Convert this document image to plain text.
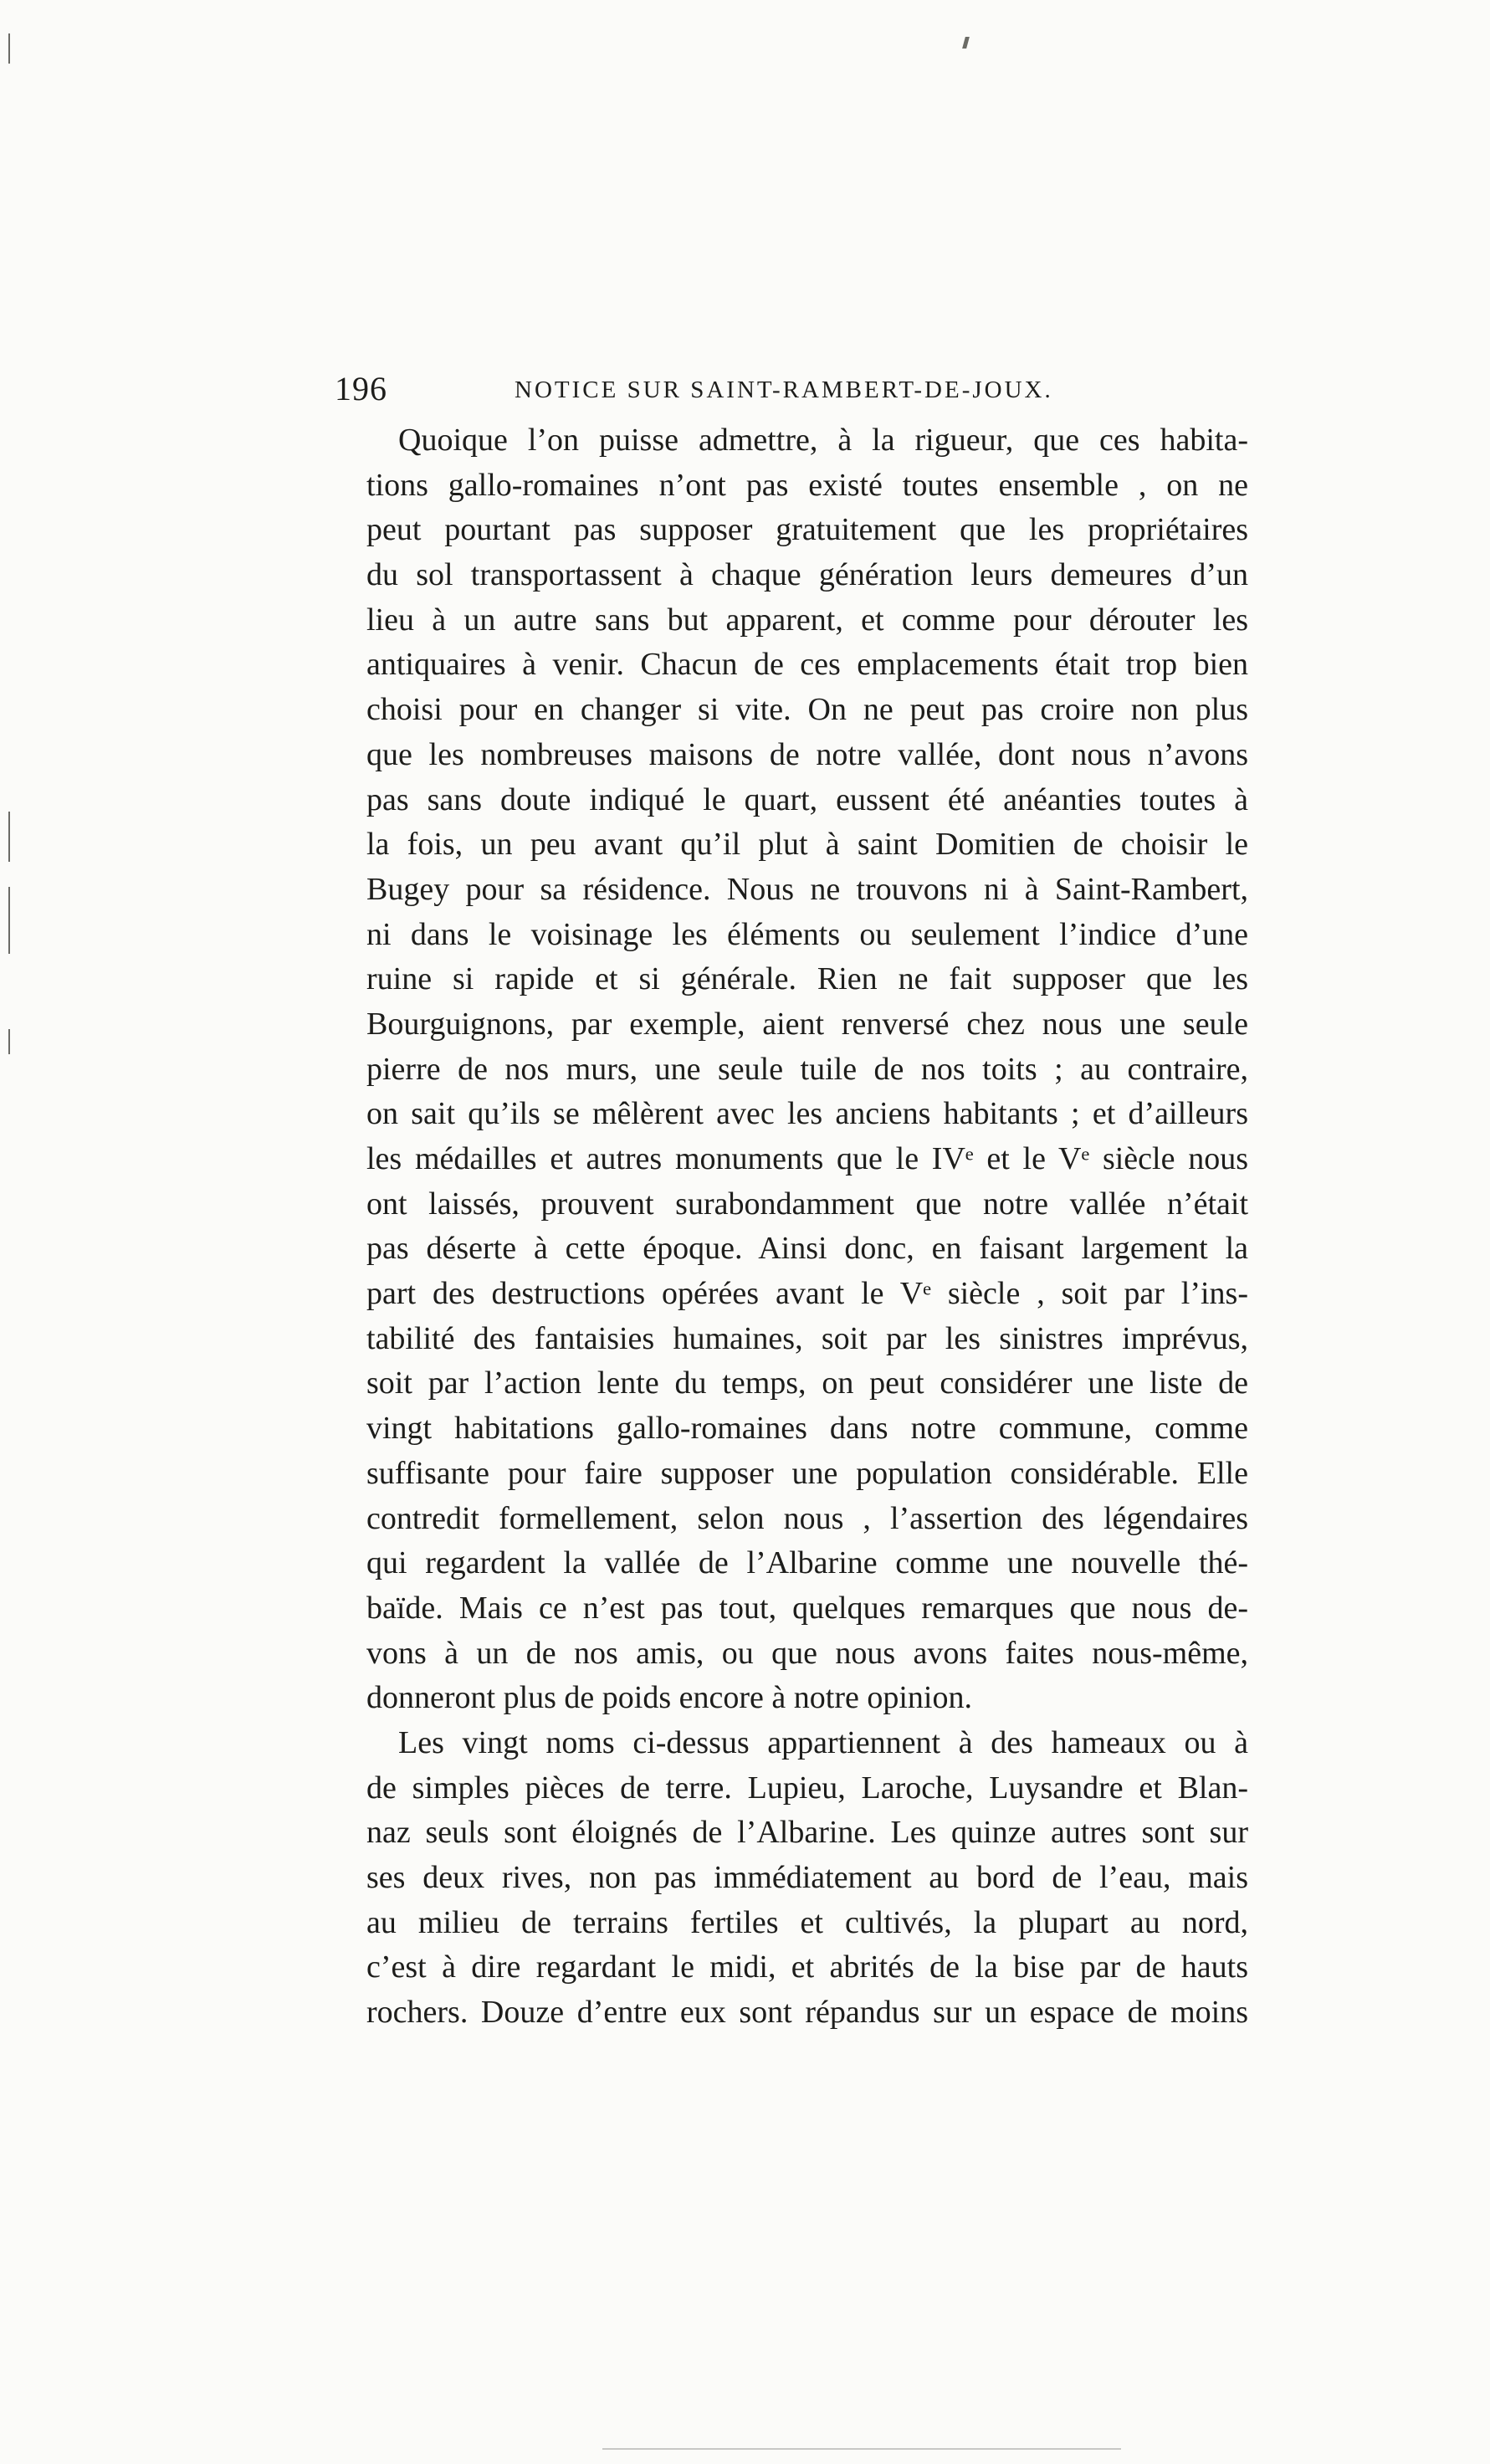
196	NOTICE SUR SAINT-RAMBERT-DE-JOUX.
Quoique l’on puisse admettre, à la rigueur, que ces habita-
tions gallo-romaines n’ont pas existé toutes ensemble , on ne
peut pourtant pas supposer gratuitement que les propriétaires
du sol transportassent à chaque génération leurs demeures d’un
lieu à un autre sans but apparent, et comme pour dérouter les
antiquaires à venir. Chacun de ces emplacements était trop bien
choisi pour en changer si vite. On ne peut pas croire non plus
que les nombreuses maisons de notre vallée, dont nous n’avons
pas sans doute indiqué le quart, eussent été anéanties toutes à
la fois, un peu avant qu’il plut à saint Domitien de choisir le
Bugey pour sa résidence. Nous ne trouvons ni à Saint-Rambert,
ni dans le voisinage les éléments ou seulement l’indice d’une
ruine si rapide et si générale. Rien ne fait supposer que les
Bourguignons, par exemple, aient renversé chez nous une seule
pierre de nos murs, une seule tuile de nos toits ; au contraire,
on sait qu’ils se mêlèrent avec les anciens habitants ; et d’ailleurs
les médailles et autres monuments que le IVᵉ et le Vᵉ siècle nous
ont laissés, prouvent surabondamment que notre vallée n’était
pas déserte à cette époque. Ainsi donc, en faisant largement la
part des destructions opérées avant le Vᵉ siècle , soit par l’ins-
tabilité des fantaisies humaines, soit par les sinistres imprévus,
soit par l’action lente du temps, on peut considérer une liste de
vingt habitations gallo-romaines dans notre commune, comme
suffisante pour faire supposer une population considérable. Elle
contredit formellement, selon nous , l’assertion des légendaires
qui regardent la vallée de l’Albarine comme une nouvelle thé-
baïde. Mais ce n’est pas tout, quelques remarques que nous de-
vons à un de nos amis, ou que nous avons faites nous-même,
donneront plus de poids encore à notre opinion.
Les vingt noms ci-dessus appartiennent à des hameaux ou à
de simples pièces de terre. Lupieu, Laroche, Luysandre et Blan-
naz seuls sont éloignés de l’Albarine. Les quinze autres sont sur
ses deux rives, non pas immédiatement au bord de l’eau, mais
au milieu de terrains fertiles et cultivés, la plupart au nord,
c’est à dire regardant le midi, et abrités de la bise par de hauts
rochers. Douze d’entre eux sont répandus sur un espace de moins
